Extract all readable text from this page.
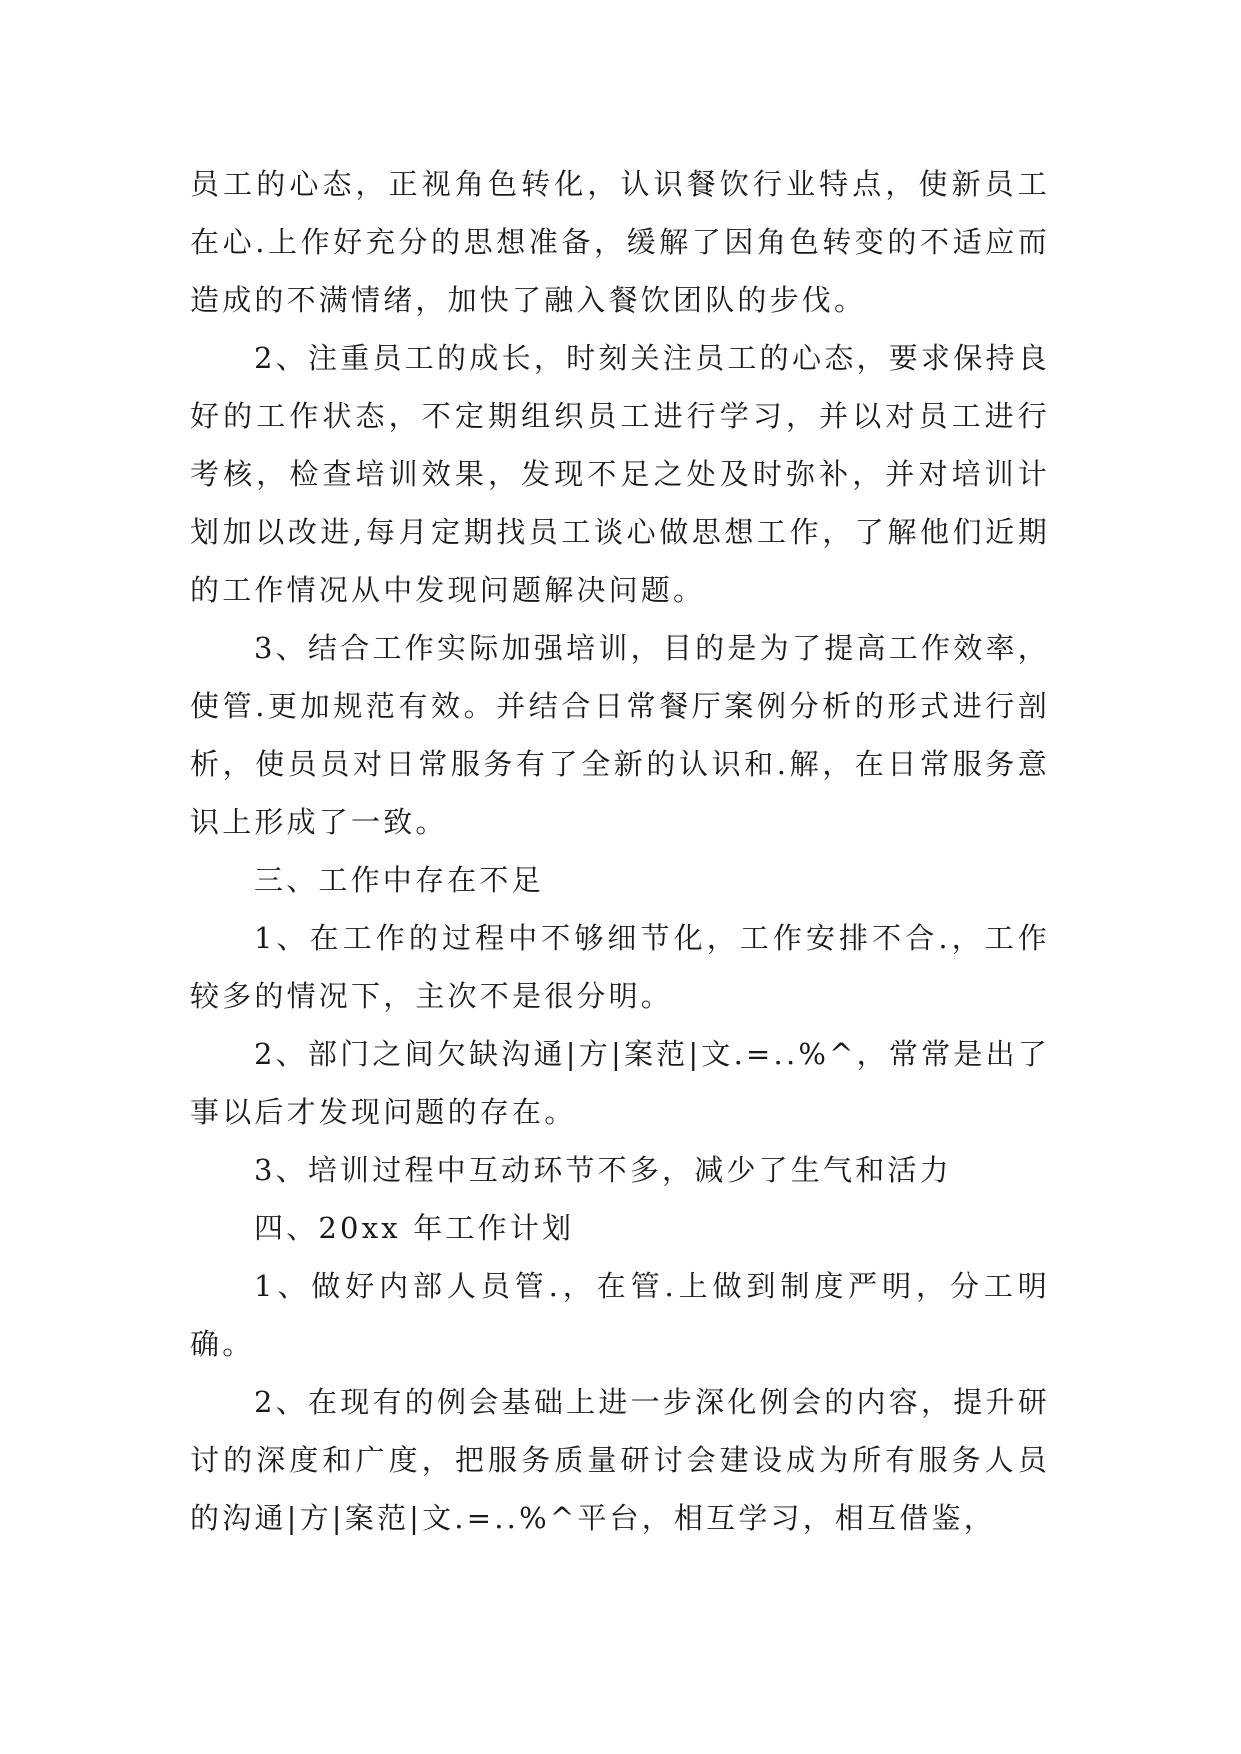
员工的心态，正视角色转化，认识餐饮行业特点，使新员工在心.上作好充分的思想准备，缓解了因角色转变的不适应而造成的不满情绪，加快了融入餐饮团队的步伐。

2、注重员工的成长，时刻关注员工的心态，要求保持良好的工作状态，不定期组织员工进行学习，并以对员工进行考核，检查培训效果，发现不足之处及时弥补，并对培训计划加以改进,每月定期找员工谈心做思想工作，了解他们近期的工作情况从中发现问题解决问题。

3、结合工作实际加强培训，目的是为了提高工作效率，使管.更加规范有效。并结合日常餐厅案例分析的形式进行剖析，使员员对日常服务有了全新的认识和.解，在日常服务意识上形成了一致。

三、工作中存在不足

1、在工作的过程中不够细节化，工作安排不合.，工作较多的情况下，主次不是很分明。

2、部门之间欠缺沟通|方|案范|文.=..%^，常常是出了事以后才发现问题的存在。

3、培训过程中互动环节不多，减少了生气和活力

四、20xx 年工作计划

1、做好内部人员管.，在管.上做到制度严明，分工明确。

2、在现有的例会基础上进一步深化例会的内容，提升研讨的深度和广度，把服务质量研讨会建设成为所有服务人员的沟通|方|案范|文.=..%^平台，相互学习，相互借鉴，
